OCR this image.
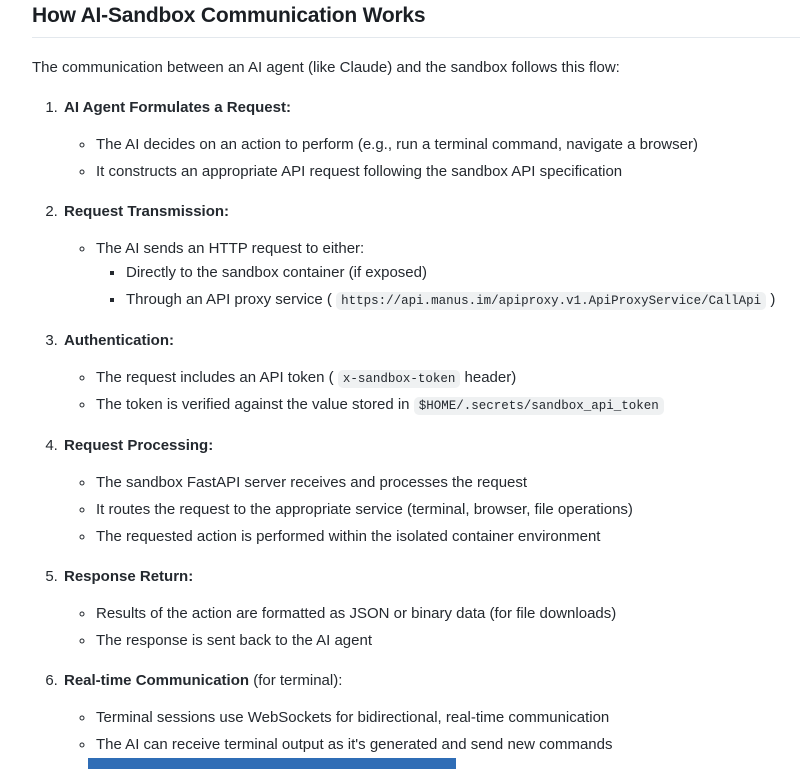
How AI-Sandbox Communication Works

The communication between an AI agent (like Claude) and the sandbox follows this flow:

1. AI Agent Formulates a Request:

◦ The AI decides on an action to perform (e.g., run a terminal command, navigate a browser)
◦ It constructs an appropriate API request following the sandbox API specification

2. Request Transmission:

◦ The AI sends an HTTP request to either:
▪ Directly to the sandbox container (if exposed)
▪ Through an API proxy service ( https://api.manus.im/apiproxy.v1.ApiProxyService/CallApi )

3. Authentication:

◦ The request includes an API token ( x-sandbox-token header)
◦ The token is verified against the value stored in $HOME/.secrets/sandbox_api_token

4. Request Processing:

◦ The sandbox FastAPI server receives and processes the request
◦ It routes the request to the appropriate service (terminal, browser, file operations)
◦ The requested action is performed within the isolated container environment

5. Response Return:

◦ Results of the action are formatted as JSON or binary data (for file downloads)
◦ The response is sent back to the AI agent

6. Real-time Communication (for terminal):

◦ Terminal sessions use WebSockets for bidirectional, real-time communication
◦ The AI can receive terminal output as it's generated and send new commands
